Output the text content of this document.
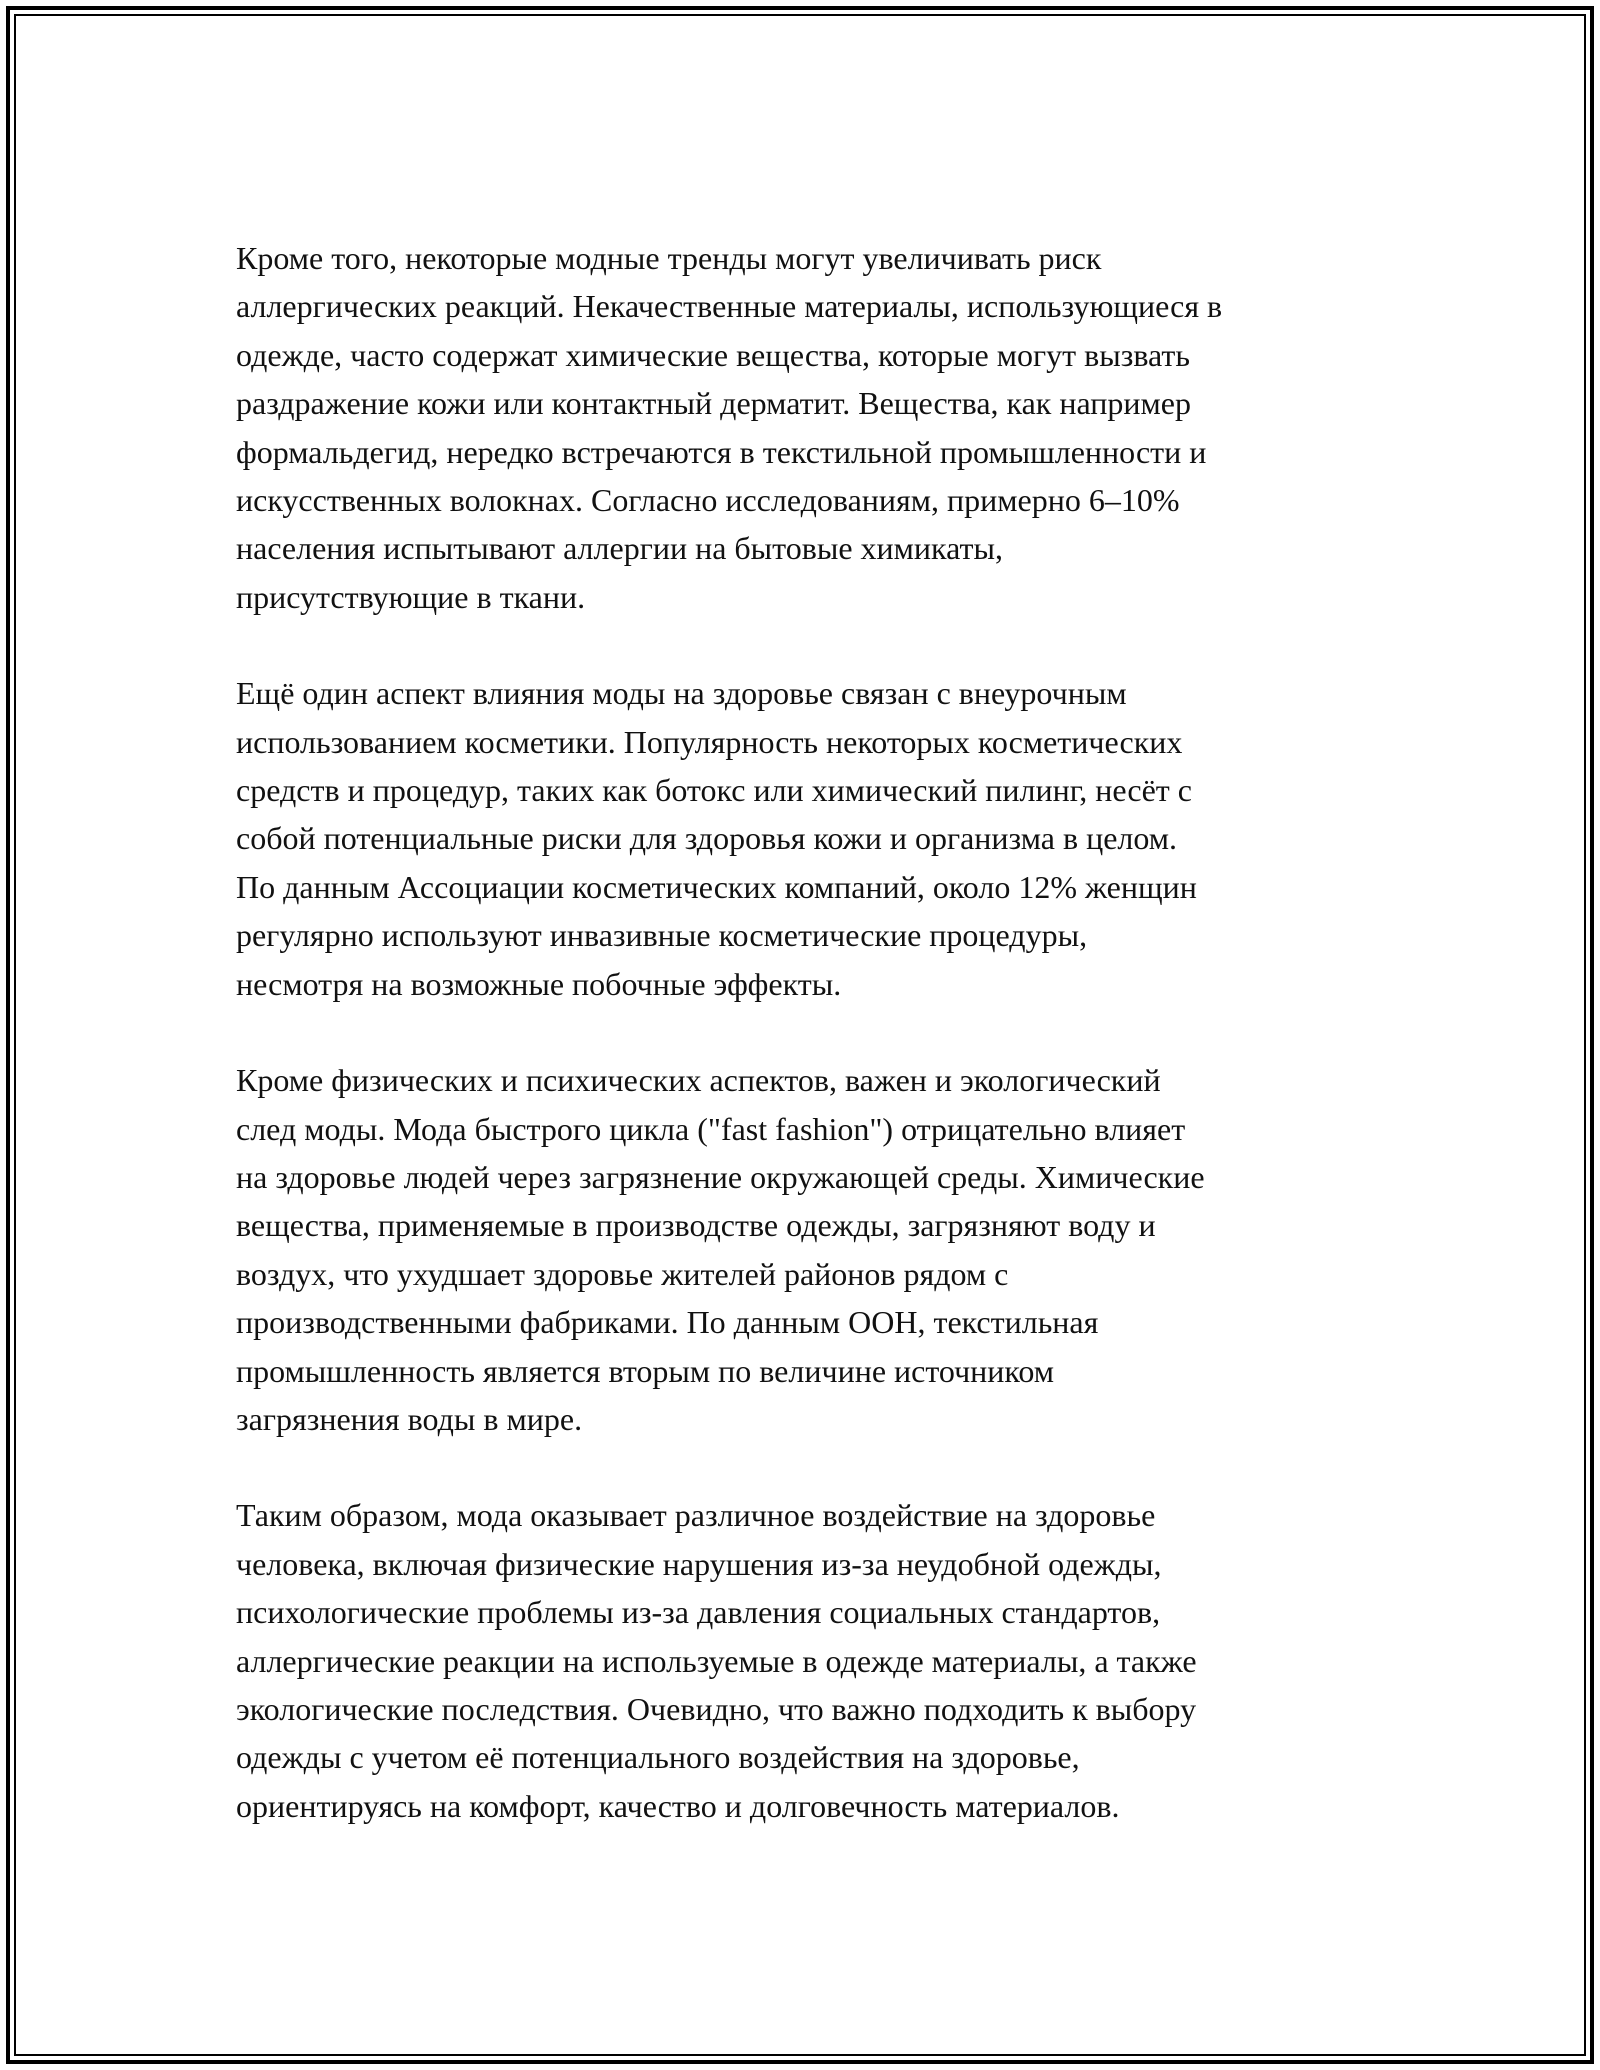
Кроме того, некоторые модные тренды могут увеличивать риск
аллергических реакций. Некачественные материалы, использующиеся в
одежде, часто содержат химические вещества, которые могут вызвать
раздражение кожи или контактный дерматит. Вещества, как например
формальдегид, нередко встречаются в текстильной промышленности и
искусственных волокнах. Согласно исследованиям, примерно 6–10%
населения испытывают аллергии на бытовые химикаты,
присутствующие в ткани.

Ещё один аспект влияния моды на здоровье связан с внеурочным
использованием косметики. Популярность некоторых косметических
средств и процедур, таких как ботокс или химический пилинг, несёт с
собой потенциальные риски для здоровья кожи и организма в целом.
По данным Ассоциации косметических компаний, около 12% женщин
регулярно используют инвазивные косметические процедуры,
несмотря на возможные побочные эффекты.

Кроме физических и психических аспектов, важен и экологический
след моды. Мода быстрого цикла ("fast fashion") отрицательно влияет
на здоровье людей через загрязнение окружающей среды. Химические
вещества, применяемые в производстве одежды, загрязняют воду и
воздух, что ухудшает здоровье жителей районов рядом с
производственными фабриками. По данным ООН, текстильная
промышленность является вторым по величине источником
загрязнения воды в мире.

Таким образом, мода оказывает различное воздействие на здоровье
человека, включая физические нарушения из-за неудобной одежды,
психологические проблемы из-за давления социальных стандартов,
аллергические реакции на используемые в одежде материалы, а также
экологические последствия. Очевидно, что важно подходить к выбору
одежды с учетом её потенциального воздействия на здоровье,
ориентируясь на комфорт, качество и долговечность материалов.
